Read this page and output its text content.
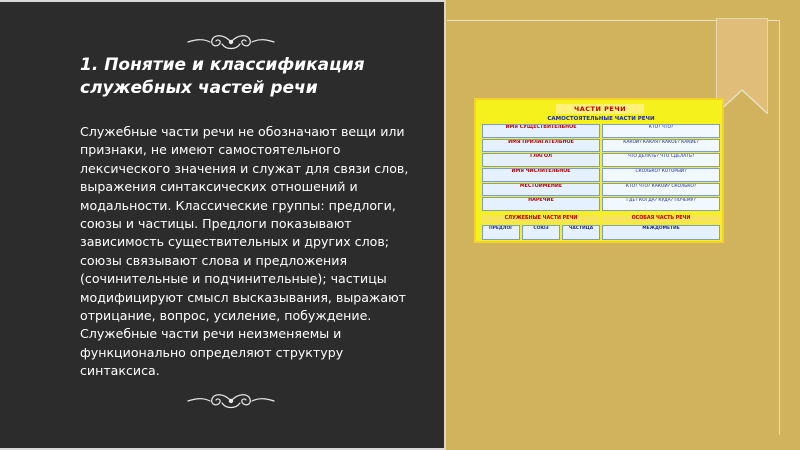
1. Понятие и классификация служебных частей речи
Служебные части речи не обозначают вещи или признаки, не имеют самостоятельного лексического значения и служат для связи слов, выражения синтаксических отношений и модальности. Классические группы: предлоги, союзы и частицы. Предлоги показывают зависимость существительных и других слов; союзы связывают слова и предложения (сочинительные и подчинительные); частицы модифицируют смысл высказывания, выражают отрицание, вопрос, усиление, побуждение. Служебные части речи неизменяемы и функционально определяют структуру синтаксиса.
ЧАСТИ РЕЧИ
САМОСТОЯТЕЛЬНЫЕ ЧАСТИ РЕЧИ
ИМЯ СУЩЕСТВИТЕЛЬНОЕ	КТО? ЧТО?
ИМЯ ПРИЛАГАТЕЛЬНОЕ	КАКОЙ? КАКАЯ? КАКОЕ? КАКИЕ?
ГЛАГОЛ	ЧТО ДЕЛАТЬ? ЧТО СДЕЛАТЬ?
ИМЯ ЧИСЛИТЕЛЬНОЕ	СКОЛЬКО? КОТОРЫЙ?
МЕСТОИМЕНИЕ	КТО? ЧТО? КАКОЙ? СКОЛЬКО?
НАРЕЧИЕ	ГДЕ? КОГДА? КУДА? ПОЧЕМУ?
СЛУЖЕБНЫЕ ЧАСТИ РЕЧИ	ОСОБАЯ ЧАСТЬ РЕЧИ
ПРЕДЛОГ	СОЮЗ	ЧАСТИЦА	МЕЖДОМЕТИЕ
